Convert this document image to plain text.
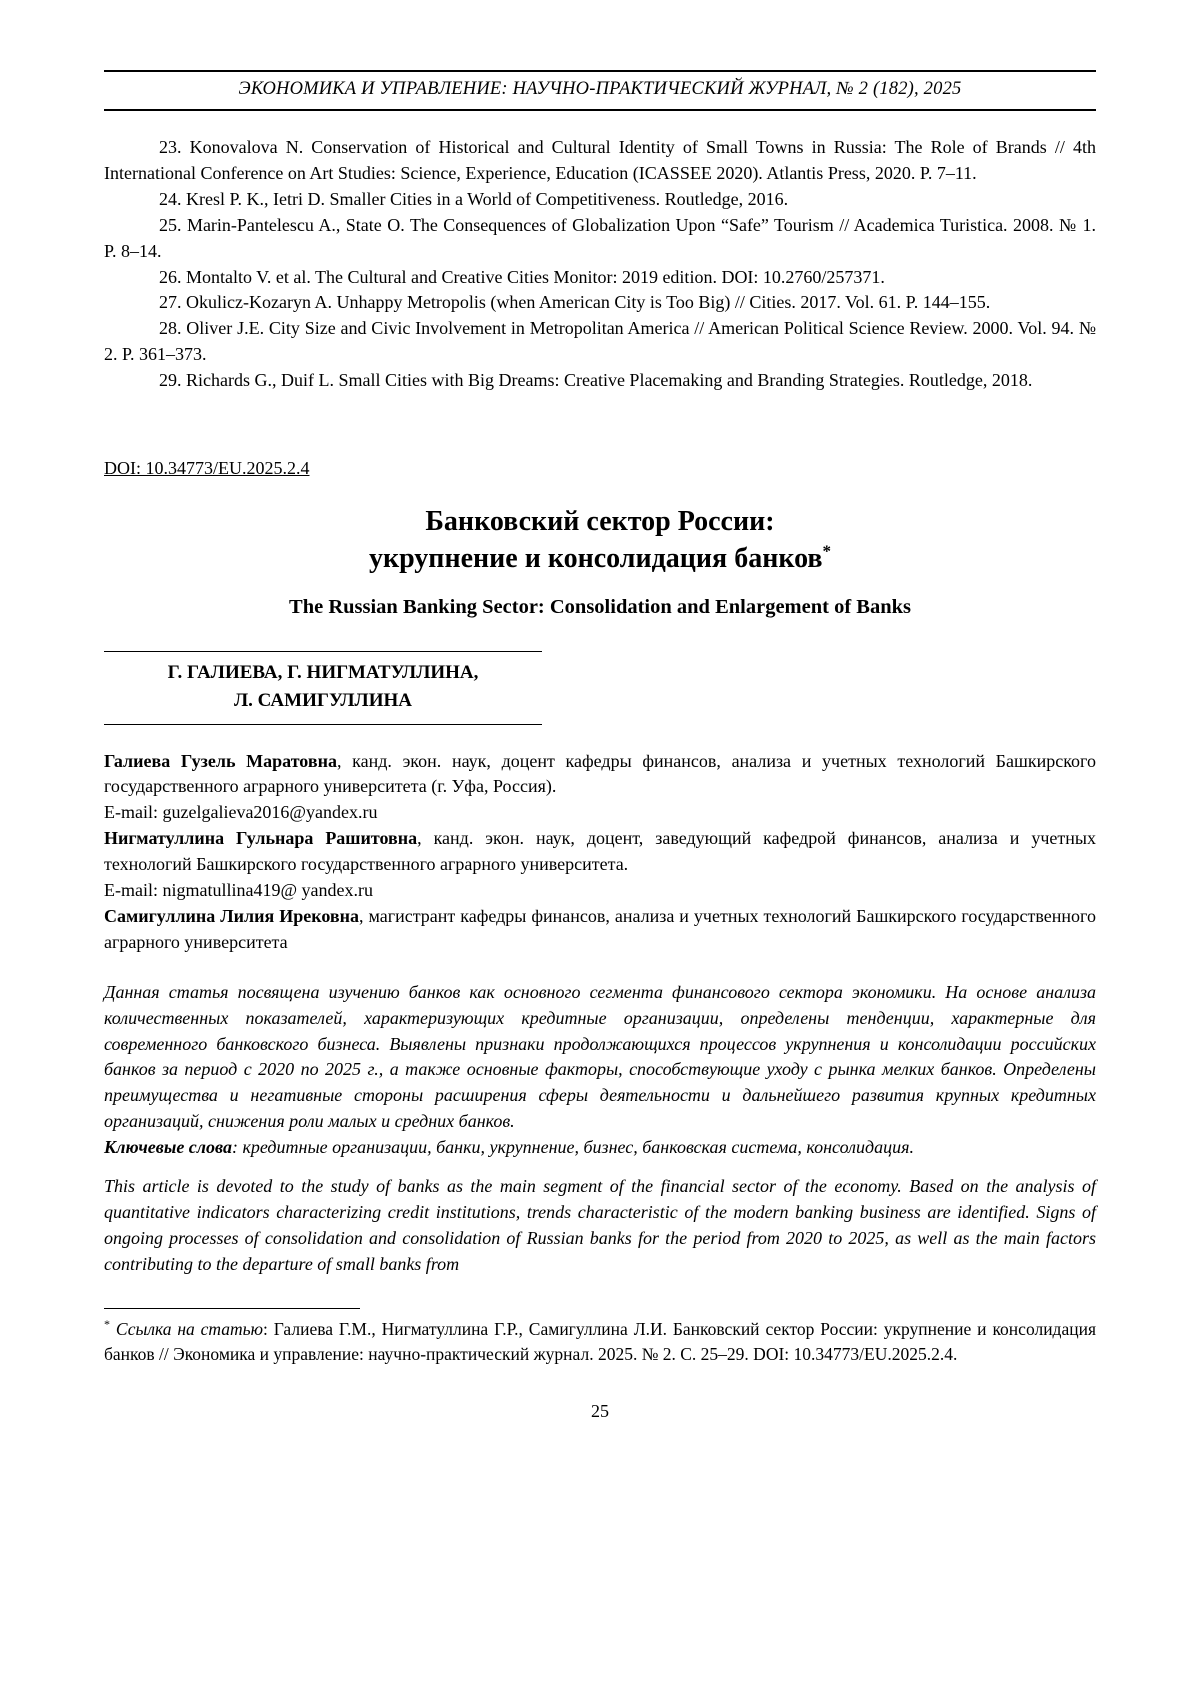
ЭКОНОМИКА И УПРАВЛЕНИЕ: НАУЧНО-ПРАКТИЧЕСКИЙ ЖУРНАЛ, № 2 (182), 2025

23. Konovalova N. Conservation of Historical and Cultural Identity of Small Towns in Russia: The Role of Brands // 4th International Conference on Art Studies: Science, Experience, Education (ICASSEE 2020). Atlantis Press, 2020. P. 7–11.

24. Kresl P. K., Ietri D. Smaller Cities in a World of Competitiveness. Routledge, 2016.

25. Marin-Pantelescu A., State O. The Consequences of Globalization Upon “Safe” Tourism // Academica Turistica. 2008. № 1. P. 8–14.

26. Montalto V. et al. The Cultural and Creative Cities Monitor: 2019 edition. DOI: 10.2760/257371.

27. Okulicz-Kozaryn A. Unhappy Metropolis (when American City is Too Big) // Cities. 2017. Vol. 61. P. 144–155.

28. Oliver J.E. City Size and Civic Involvement in Metropolitan America // American Political Science Review. 2000. Vol. 94. № 2. P. 361–373.

29. Richards G., Duif L. Small Cities with Big Dreams: Creative Placemaking and Branding Strategies. Routledge, 2018.

DOI: 10.34773/EU.2025.2.4

Банковский сектор России:
укрупнение и консолидация банков*
The Russian Banking Sector: Consolidation and Enlargement of Banks
Г. ГАЛИЕВА, Г. НИГМАТУЛЛИНА,
Л. САМИГУЛЛИНА

Галиева Гузель Маратовна, канд. экон. наук, доцент кафедры финансов, анализа и учетных технологий Башкирского государственного аграрного университета (г. Уфа, Россия).

E-mail: guzelgalieva2016@yandex.ru

Нигматуллина Гульнара Рашитовна, канд. экон. наук, доцент, заведующий кафедрой финансов, анализа и учетных технологий Башкирского государственного аграрного университета.

E-mail: nigmatullina419@ yandex.ru

Самигуллина Лилия Ирековна, магистрант кафедры финансов, анализа и учетных технологий Башкирского государственного аграрного университета

Данная статья посвящена изучению банков как основного сегмента финансового сектора экономики. На основе анализа количественных показателей, характеризующих кредитные организации, определены тенденции, характерные для современного банковского бизнеса. Выявлены признаки продолжающихся процессов укрупнения и консолидации российских банков за период с 2020 по 2025 г., а также основные факторы, способствующие уходу с рынка мелких банков. Определены преимущества и негативные стороны расширения сферы деятельности и дальнейшего развития крупных кредитных организаций, снижения роли малых и средних банков.

Ключевые слова: кредитные организации, банки, укрупнение, бизнес, банковская система, консолидация.

This article is devoted to the study of banks as the main segment of the financial sector of the economy. Based on the analysis of quantitative indicators characterizing credit institutions, trends characteristic of the modern banking business are identified. Signs of ongoing processes of consolidation and consolidation of Russian banks for the period from 2020 to 2025, as well as the main factors contributing to the departure of small banks from

* Ссылка на статью: Галиева Г.М., Нигматуллина Г.Р., Самигуллина Л.И. Банковский сектор России: укрупнение и консолидация банков // Экономика и управление: научно-практический журнал. 2025. № 2. С. 25–29. DOI: 10.34773/EU.2025.2.4.

25
